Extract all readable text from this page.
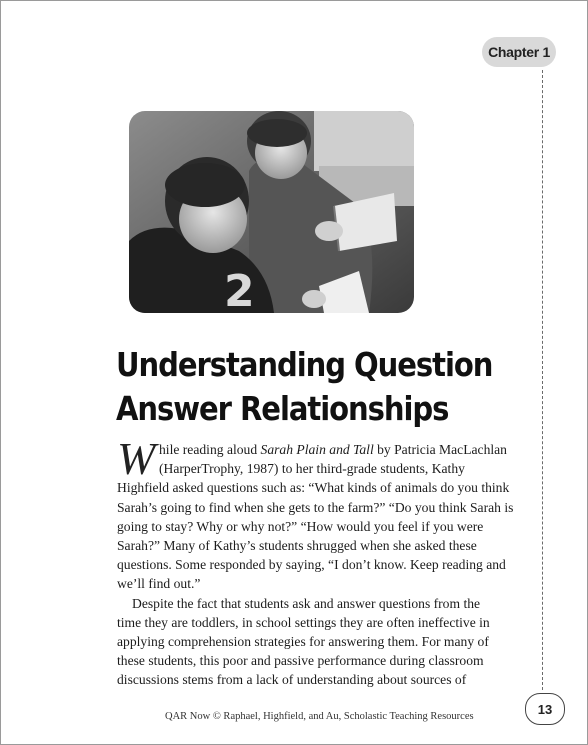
Chapter 1
2
Understanding Question
Answer Relationships
W hile reading aloud Sarah Plain and Tall by Patricia MacLachlan
(HarperTrophy, 1987) to her third-grade students, Kathy
Highfield asked questions such as: “What kinds of animals do you think
Sarah’s going to find when she gets to the farm?” “Do you think Sarah is
going to stay? Why or why not?” “How would you feel if you were
Sarah?” Many of Kathy’s students shrugged when she asked these
questions. Some responded by saying, “I don’t know. Keep reading and
we’ll find out.”
Despite the fact that students ask and answer questions from the
time they are toddlers, in school settings they are often ineffective in
applying comprehension strategies for answering them. For many of
these students, this poor and passive performance during classroom
discussions stems from a lack of understanding about sources of
QAR Now © Raphael, Highfield, and Au, Scholastic Teaching Resources	13
